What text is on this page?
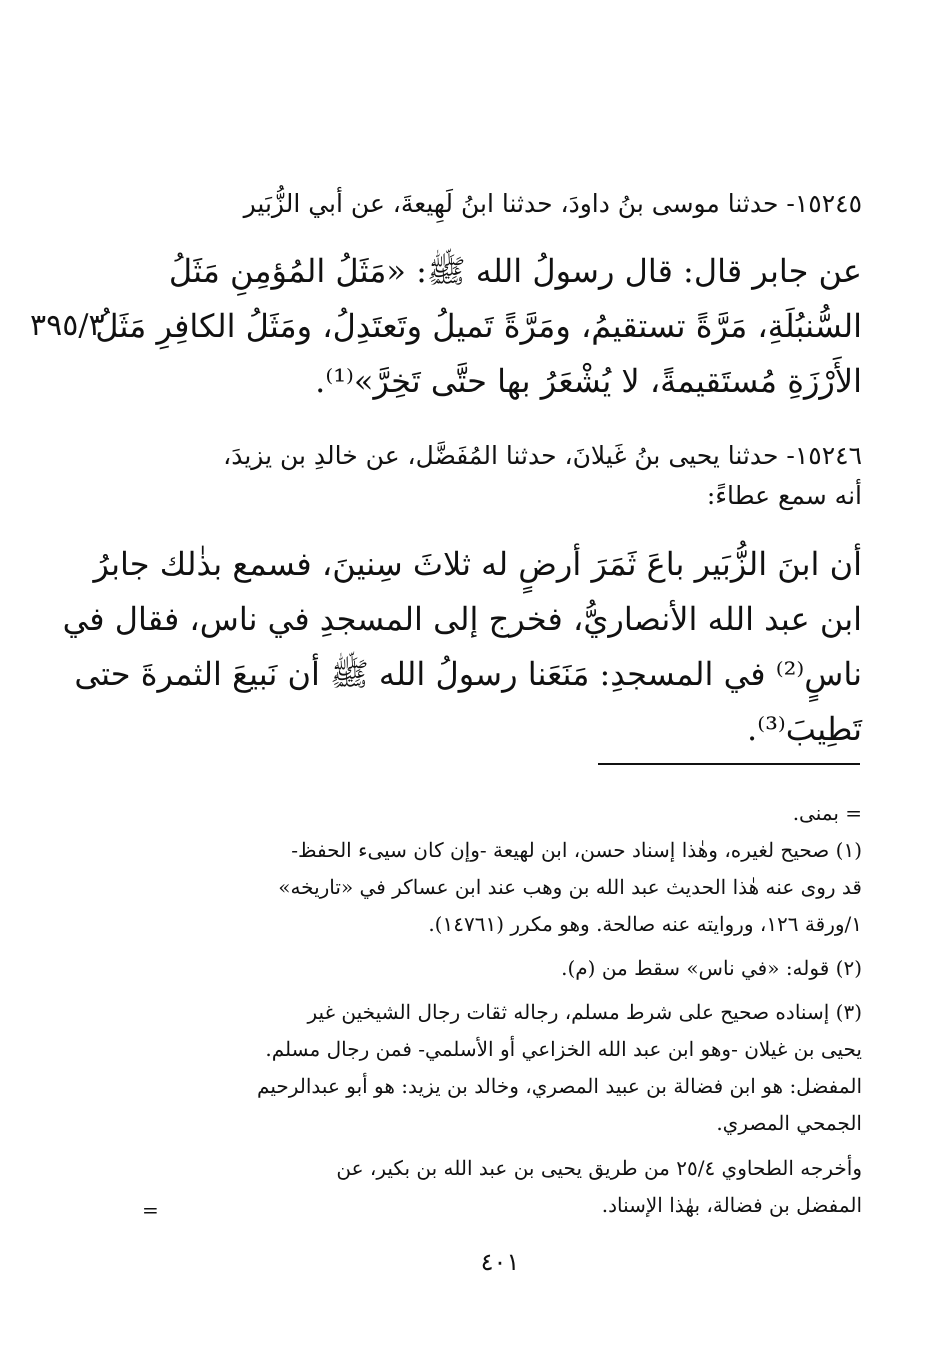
١٥٢٤٥- حدثنا موسى بنُ داودَ، حدثنا ابنُ لَهِيعةَ، عن أبي الزُّبَير
عن جابر قال: قال رسولُ الله ﷺ: «مَثَلُ المُؤمِنِ مَثَلُ
السُّنبُلَةِ، مَرَّةً تستقيمُ، ومَرَّةً تَميلُ وتَعتَدِلُ، ومَثَلُ الكافِرِ مَثَلُ
الأَرْزَةِ مُستَقيمةً، لا يُشْعَرُ بها حتَّى تَخِرَّ»⁽¹⁾.
٣٩٥/٣
١٥٢٤٦- حدثنا يحيى بنُ غَيلانَ، حدثنا المُفَضَّل، عن خالدِ بن يزيدَ،
أنه سمع عطاءً:
أن ابنَ الزُّبَير باعَ ثَمَرَ أرضٍ له ثلاثَ سِنينَ، فسمع بذٰلك جابرُ
ابن عبد الله الأنصاريُّ، فخرج إلى المسجدِ في ناس، فقال في
ناسٍ⁽²⁾ في المسجدِ: مَنَعَنا رسولُ الله ﷺ أن نَبيعَ الثمرةَ حتى
تَطِيبَ⁽³⁾.
= بمنى.
(١) صحيح لغيره، وهٰذا إسناد حسن، ابن لهيعة -وإن كان سيىء الحفظ-
قد روى عنه هٰذا الحديث عبد الله بن وهب عند ابن عساكر في «تاريخه»
١/ورقة ١٢٦، وروايته عنه صالحة. وهو مكرر (١٤٧٦١).
(٢) قوله: «في ناس» سقط من (م).
(٣) إسناده صحيح على شرط مسلم، رجاله ثقات رجال الشيخين غير
يحيى بن غيلان -وهو ابن عبد الله الخزاعي أو الأسلمي- فمن رجال مسلم.
المفضل: هو ابن فضالة بن عبيد المصري، وخالد بن يزيد: هو أبو عبدالرحيم
الجمحي المصري.
وأخرجه الطحاوي ٢٥/٤ من طريق يحيى بن عبد الله بن بكير، عن
المفضل بن فضالة، بهٰذا الإسناد.
=
٤٠١
